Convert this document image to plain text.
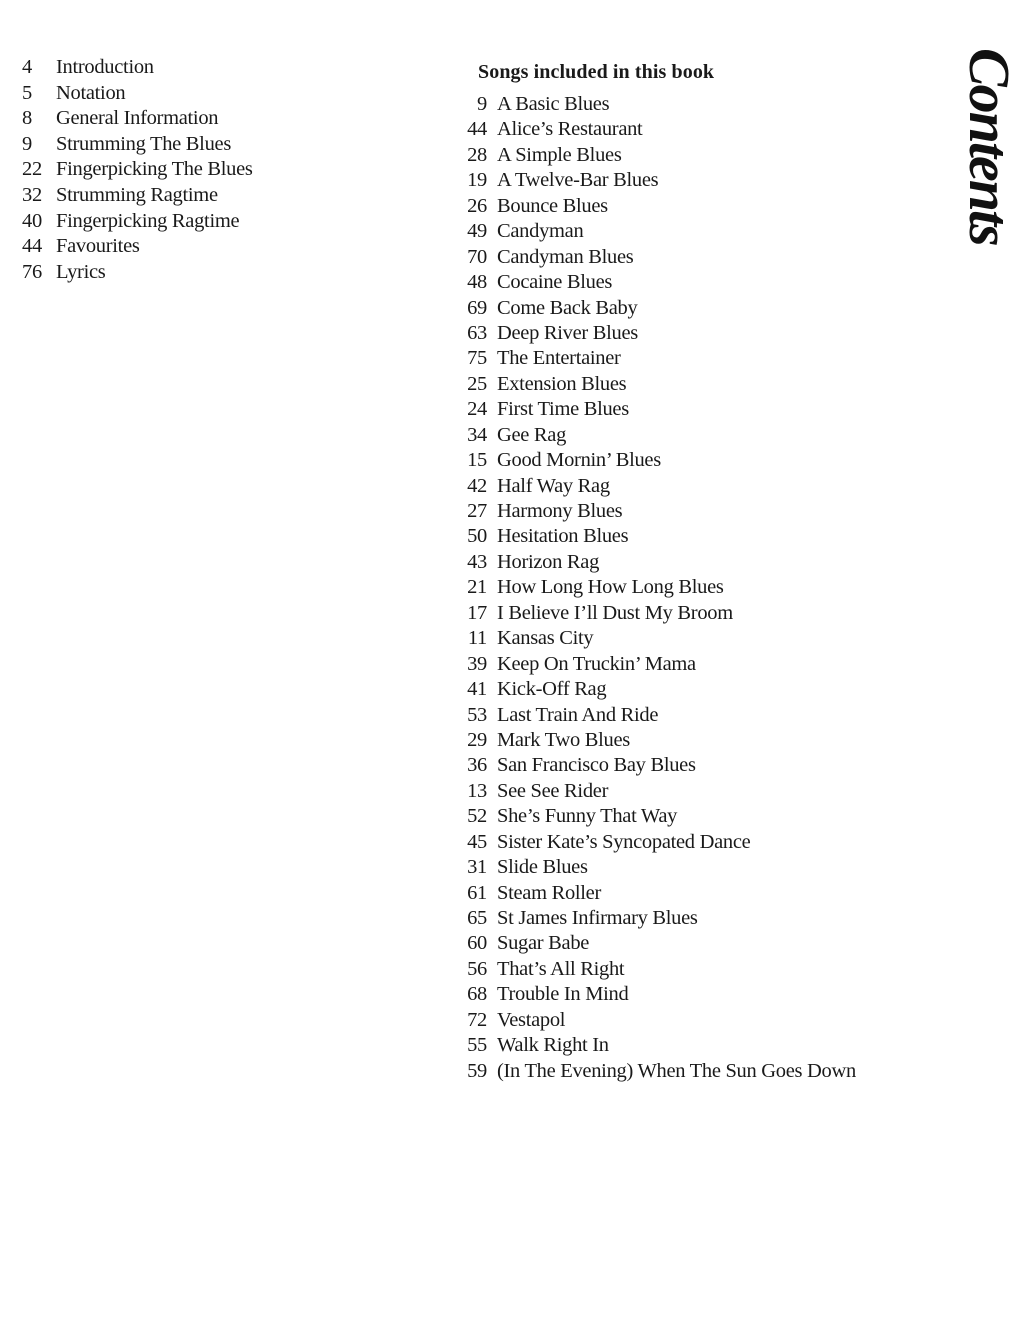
4	Introduction
5	Notation
8	General Information
9	Strumming The Blues
22 Fingerpicking The Blues
32 Strumming Ragtime
40 Fingerpicking Ragtime
44 Favourites
76 Lyrics
Songs included in this book
9 A Basic Blues
44 Alice’s Restaurant
28 A Simple Blues
19 A Twelve-Bar Blues
26 Bounce Blues
49 Candyman
70 Candyman Blues
48 Cocaine Blues
69 Come Back Baby
63 Deep River Blues
75 The Entertainer
25 Extension Blues
24 First Time Blues
34 Gee Rag
15 Good Mornin’ Blues
42 Half Way Rag
27 Harmony Blues
50 Hesitation Blues
43 Horizon Rag
21 How Long How Long Blues
17 I Believe I’ll Dust My Broom
11 Kansas City
39 Keep On Truckin’ Mama
41 Kick-Off Rag
53 Last Train And Ride
29 Mark Two Blues
36 San Francisco Bay Blues
13 See See Rider
52 She’s Funny That Way
45 Sister Kate’s Syncopated Dance
31 Slide Blues
61 Steam Roller
65 St James Infirmary Blues
60 Sugar Babe
56 That’s All Right
68 Trouble In Mind
72 Vestapol
55 Walk Right In
59 (In The Evening) When The Sun Goes Down
Contents
